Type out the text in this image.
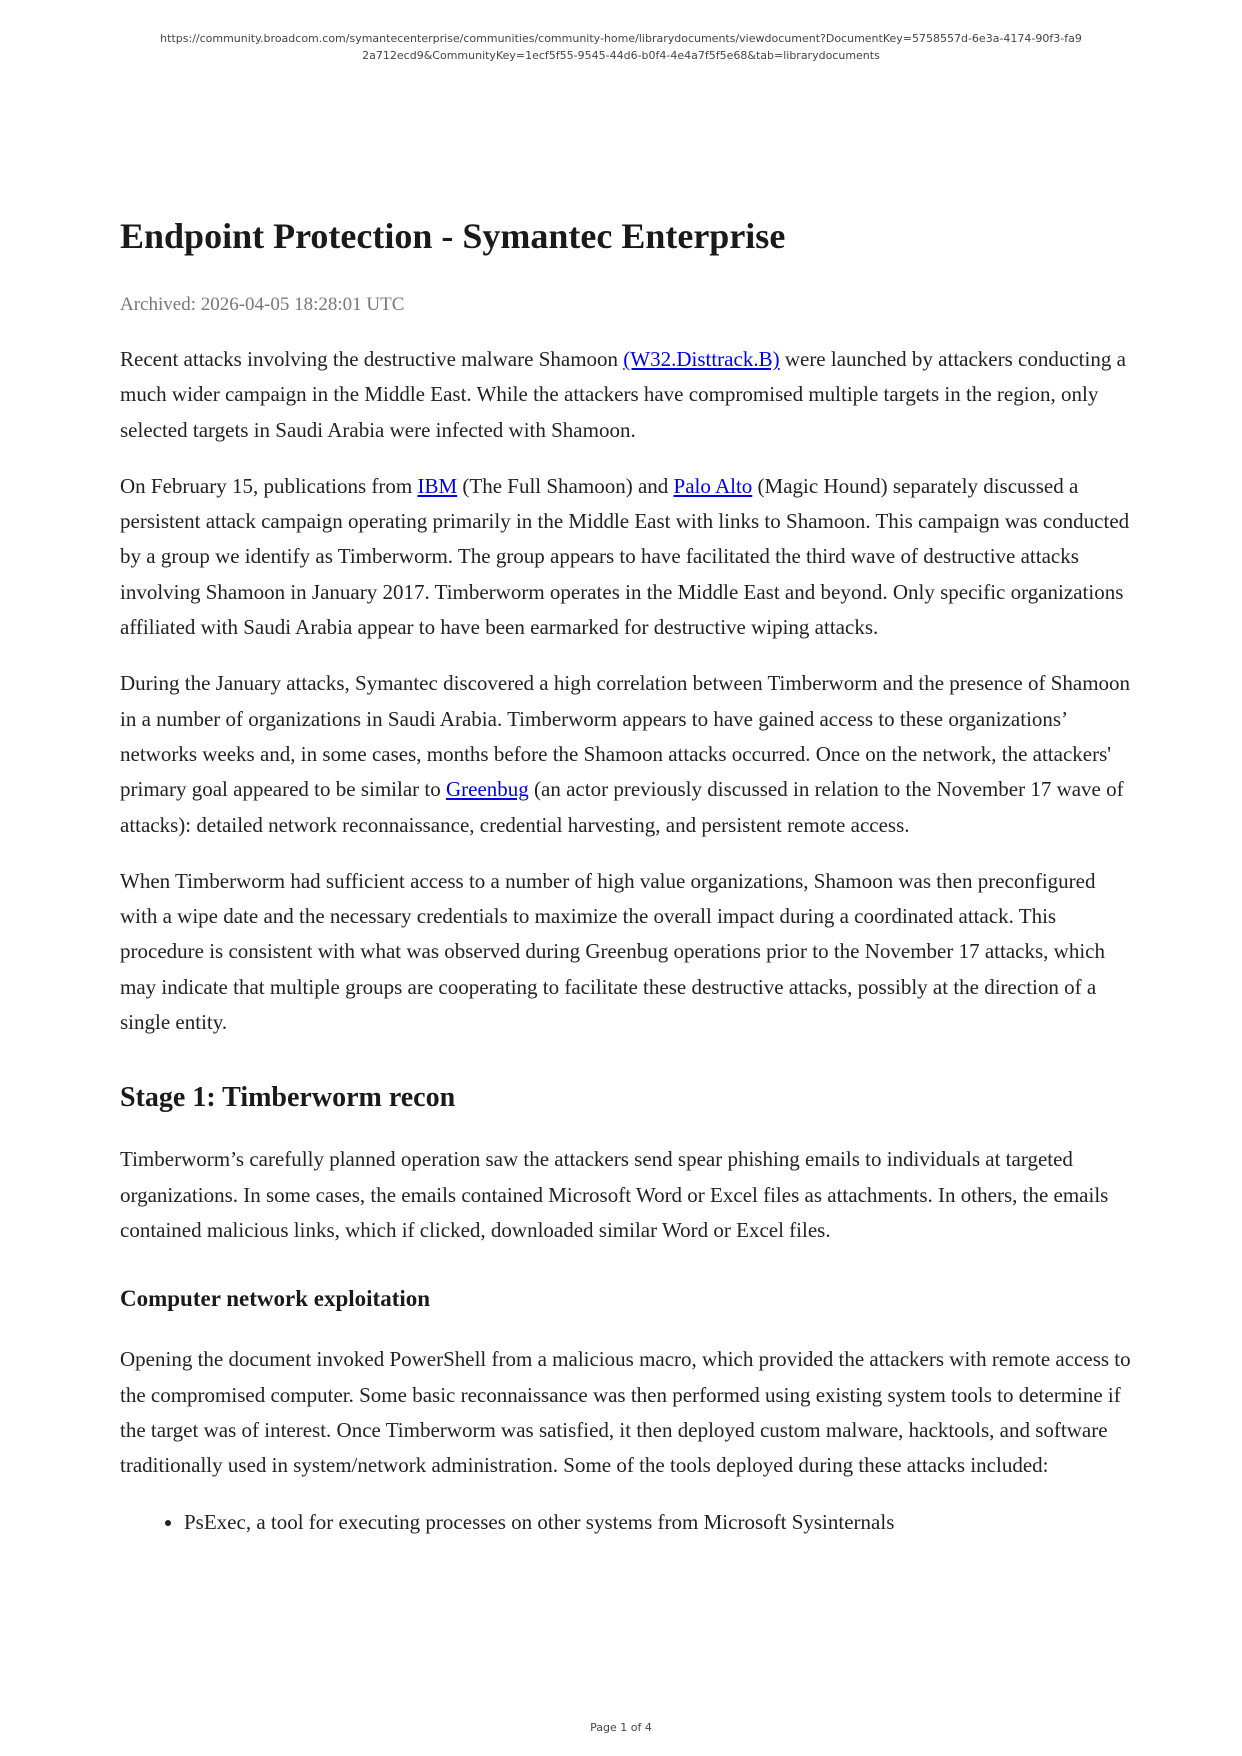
https://community.broadcom.com/symantecenterprise/communities/community-home/librarydocuments/viewdocument?DocumentKey=5758557d-6e3a-4174-90f3-fa92a712ecd9&CommunityKey=1ecf5f55-9545-44d6-b0f4-4e4a7f5f5e68&tab=librarydocuments
Endpoint Protection - Symantec Enterprise
Archived: 2026-04-05 18:28:01 UTC

Recent attacks involving the destructive malware Shamoon (W32.Disttrack.B) were launched by attackers conducting a much wider campaign in the Middle East. While the attackers have compromised multiple targets in the region, only selected targets in Saudi Arabia were infected with Shamoon.

On February 15, publications from IBM (The Full Shamoon) and Palo Alto (Magic Hound) separately discussed a persistent attack campaign operating primarily in the Middle East with links to Shamoon. This campaign was conducted by a group we identify as Timberworm. The group appears to have facilitated the third wave of destructive attacks involving Shamoon in January 2017. Timberworm operates in the Middle East and beyond. Only specific organizations affiliated with Saudi Arabia appear to have been earmarked for destructive wiping attacks.

During the January attacks, Symantec discovered a high correlation between Timberworm and the presence of Shamoon in a number of organizations in Saudi Arabia. Timberworm appears to have gained access to these organizations’ networks weeks and, in some cases, months before the Shamoon attacks occurred. Once on the network, the attackers' primary goal appeared to be similar to Greenbug (an actor previously discussed in relation to the November 17 wave of attacks): detailed network reconnaissance, credential harvesting, and persistent remote access.

When Timberworm had sufficient access to a number of high value organizations, Shamoon was then preconfigured with a wipe date and the necessary credentials to maximize the overall impact during a coordinated attack. This procedure is consistent with what was observed during Greenbug operations prior to the November 17 attacks, which may indicate that multiple groups are cooperating to facilitate these destructive attacks, possibly at the direction of a single entity.

Stage 1: Timberworm recon

Timberworm’s carefully planned operation saw the attackers send spear phishing emails to individuals at targeted organizations. In some cases, the emails contained Microsoft Word or Excel files as attachments. In others, the emails contained malicious links, which if clicked, downloaded similar Word or Excel files.

Computer network exploitation

Opening the document invoked PowerShell from a malicious macro, which provided the attackers with remote access to the compromised computer. Some basic reconnaissance was then performed using existing system tools to determine if the target was of interest. Once Timberworm was satisfied, it then deployed custom malware, hacktools, and software traditionally used in system/network administration. Some of the tools deployed during these attacks included:

• PsExec, a tool for executing processes on other systems from Microsoft Sysinternals
Page 1 of 4
